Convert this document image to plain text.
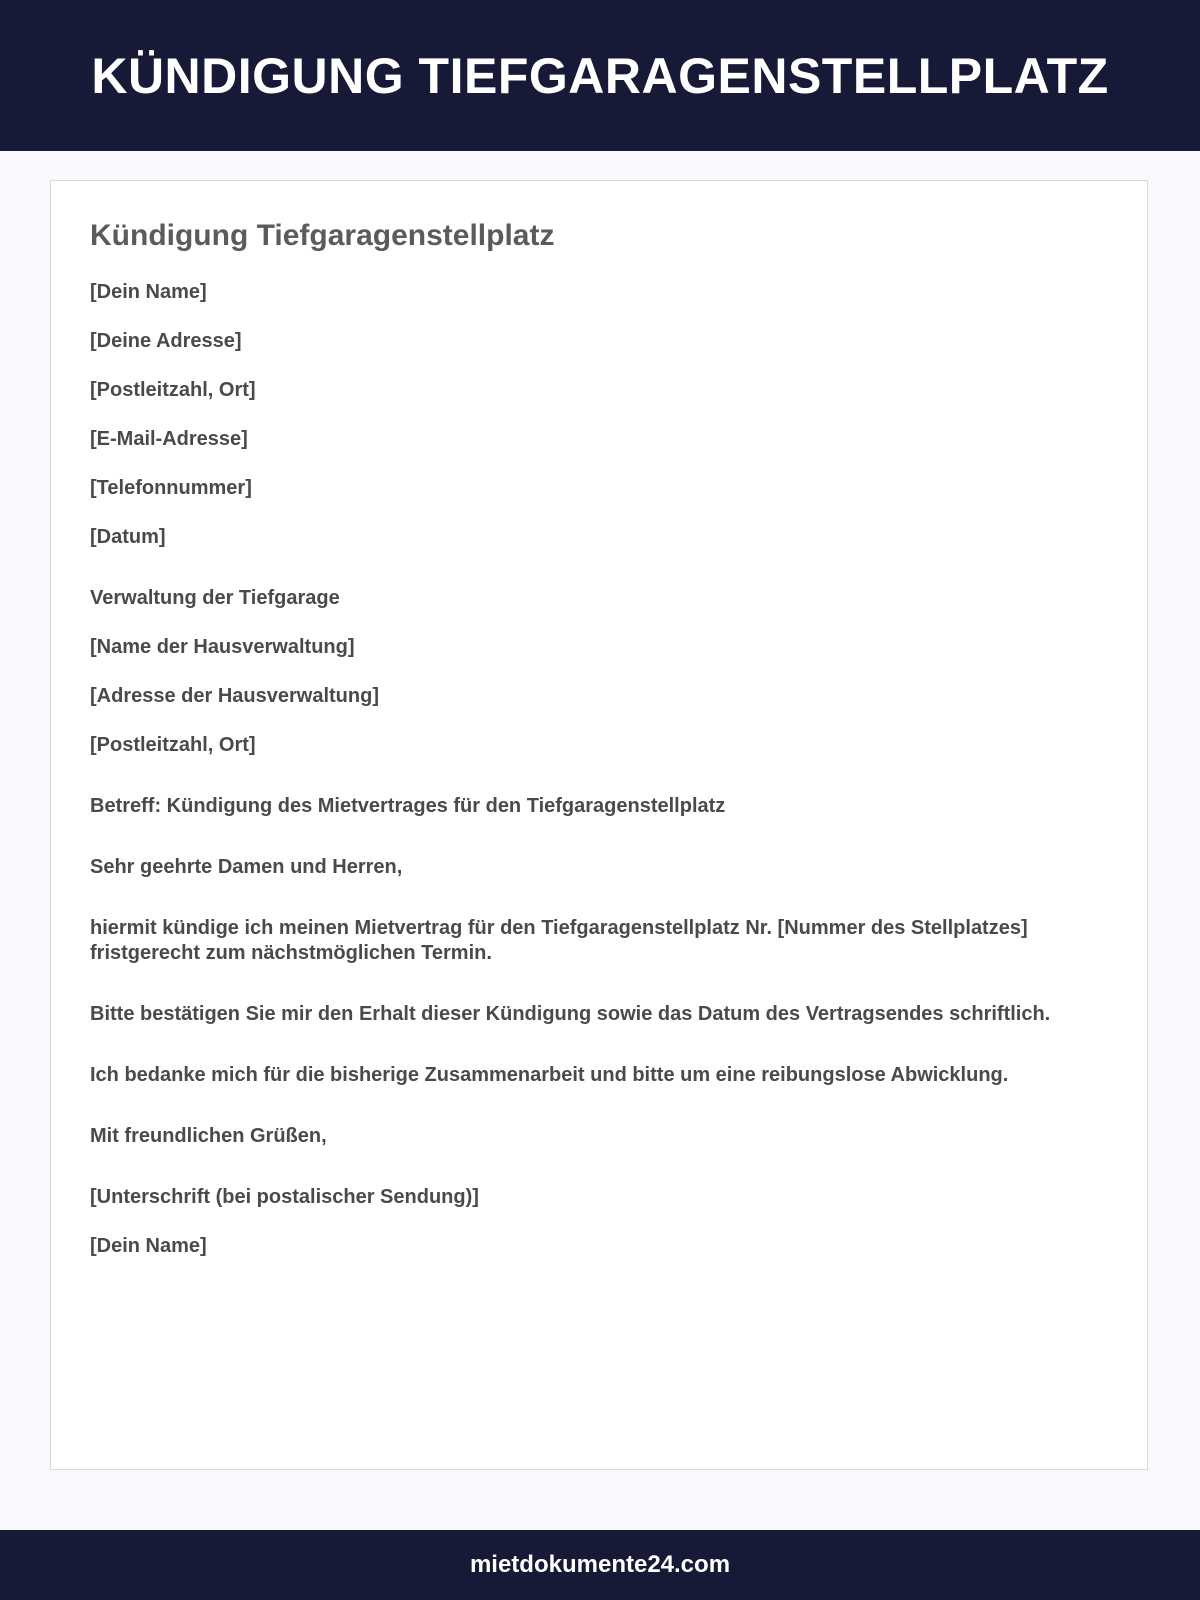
KÜNDIGUNG TIEFGARAGENSTELLPLATZ
Kündigung Tiefgaragenstellplatz

[Dein Name]

[Deine Adresse]

[Postleitzahl, Ort]

[E-Mail-Adresse]

[Telefonnummer]

[Datum]

Verwaltung der Tiefgarage

[Name der Hausverwaltung]

[Adresse der Hausverwaltung]

[Postleitzahl, Ort]

Betreff: Kündigung des Mietvertrages für den Tiefgaragenstellplatz

Sehr geehrte Damen und Herren,

hiermit kündige ich meinen Mietvertrag für den Tiefgaragenstellplatz Nr. [Nummer des Stellplatzes]

fristgerecht zum nächstmöglichen Termin.

Bitte bestätigen Sie mir den Erhalt dieser Kündigung sowie das Datum des Vertragsendes schriftlich.

Ich bedanke mich für die bisherige Zusammenarbeit und bitte um eine reibungslose Abwicklung.

Mit freundlichen Grüßen,

[Unterschrift (bei postalischer Sendung)]

[Dein Name]

mietdokumente24.com
